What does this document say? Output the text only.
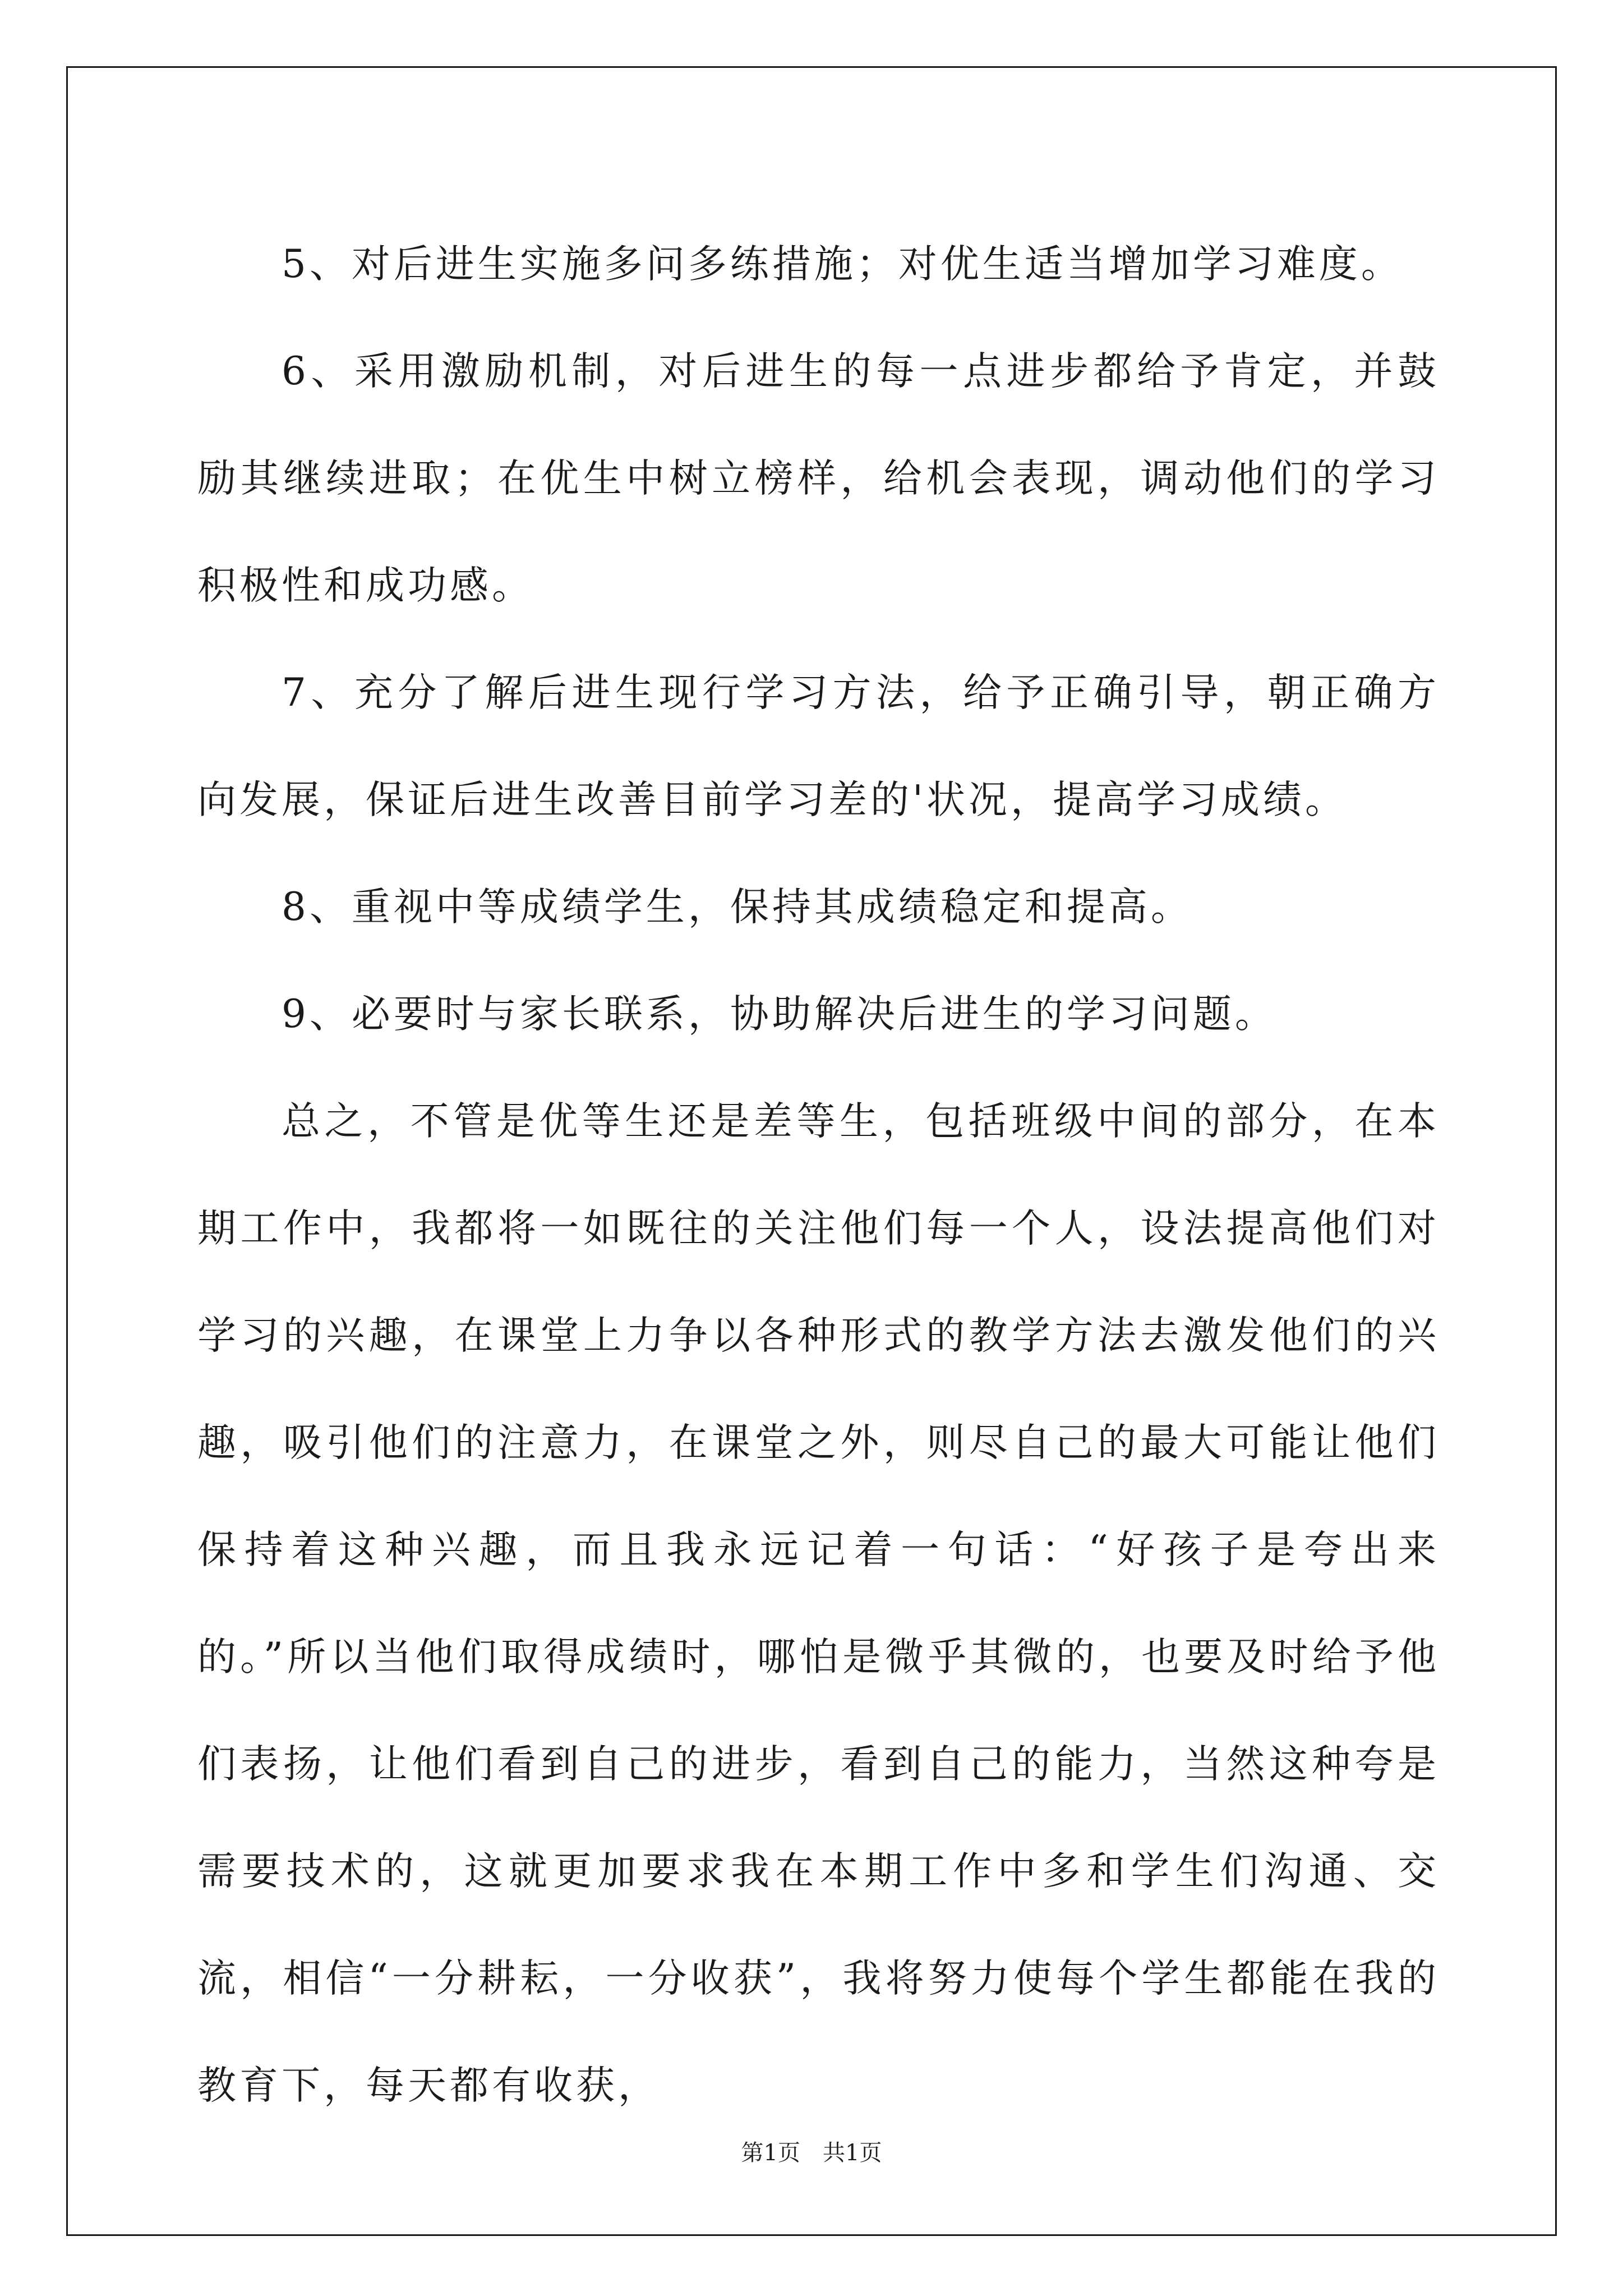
5、对后进生实施多问多练措施；对优生适当增加学习难度。

6、采用激励机制，对后进生的每一点进步都给予肯定，并鼓励其继续进取；在优生中树立榜样，给机会表现，调动他们的学习积极性和成功感。

7、充分了解后进生现行学习方法，给予正确引导，朝正确方向发展，保证后进生改善目前学习差的'状况，提高学习成绩。

8、重视中等成绩学生，保持其成绩稳定和提高。

9、必要时与家长联系，协助解决后进生的学习问题。

总之，不管是优等生还是差等生，包括班级中间的部分，在本期工作中，我都将一如既往的关注他们每一个人，设法提高他们对学习的兴趣，在课堂上力争以各种形式的教学方法去激发他们的兴趣，吸引他们的注意力，在课堂之外，则尽自己的最大可能让他们保持着这种兴趣，而且我永远记着一句话：“好孩子是夸出来的。”所以当他们取得成绩时，哪怕是微乎其微的，也要及时给予他们表扬，让他们看到自己的进步，看到自己的能力，当然这种夸是需要技术的，这就更加要求我在本期工作中多和学生们沟通、交流，相信“一分耕耘，一分收获”，我将努力使每个学生都能在我的教育下，每天都有收获，

第1页　共1页
